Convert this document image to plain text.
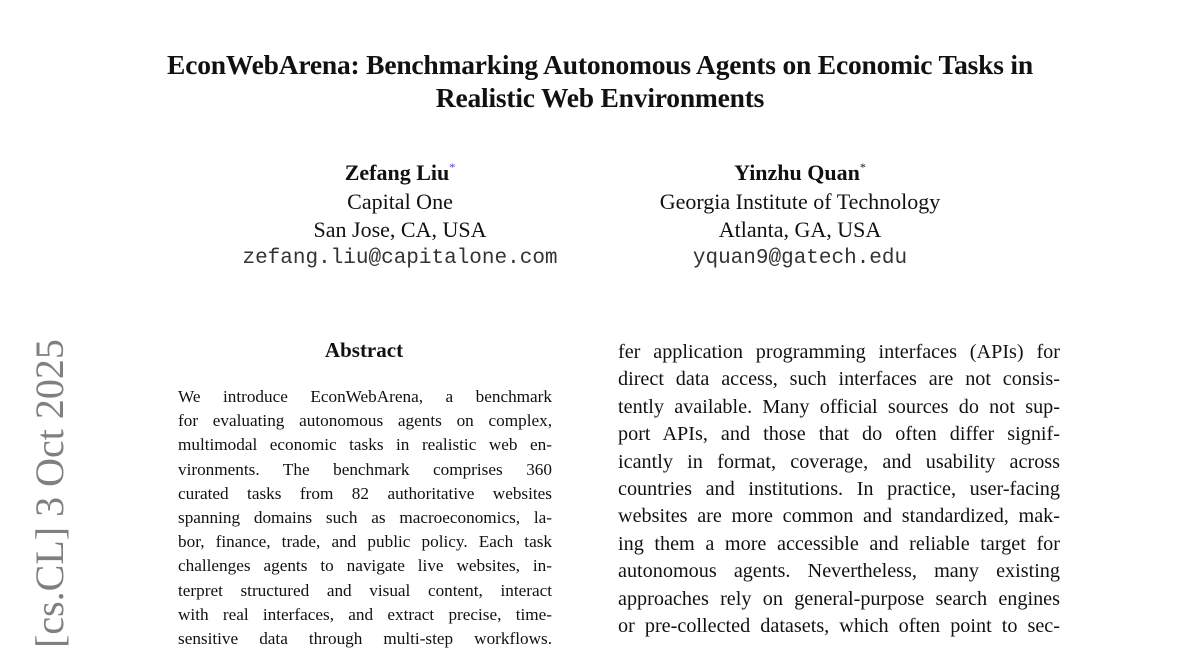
EconWebArena: Benchmarking Autonomous Agents on Economic Tasks in
Realistic Web Environments
Zefang Liu*
Capital One
San Jose, CA, USA
zefang.liu@capitalone.com
Yinzhu Quan*
Georgia Institute of Technology
Atlanta, GA, USA
yquan9@gatech.edu
[cs.CL] 3 Oct 2025	Abstract
We introduce EconWebArena, a benchmark
for evaluating autonomous agents on complex,
multimodal economic tasks in realistic web en-
vironments. The benchmark comprises 360
curated tasks from 82 authoritative websites
spanning domains such as macroeconomics, la-
bor, finance, trade, and public policy. Each task
challenges agents to navigate live websites, in-
terpret structured and visual content, interact
with real interfaces, and extract precise, time-
sensitive data through multi-step workflows.
fer application programming interfaces (APIs) for
direct data access, such interfaces are not consis-
tently available. Many official sources do not sup-
port APIs, and those that do often differ signif-
icantly in format, coverage, and usability across
countries and institutions. In practice, user-facing
websites are more common and standardized, mak-
ing them a more accessible and reliable target for
autonomous agents. Nevertheless, many existing
approaches rely on general-purpose search engines
or pre-collected datasets, which often point to sec-
